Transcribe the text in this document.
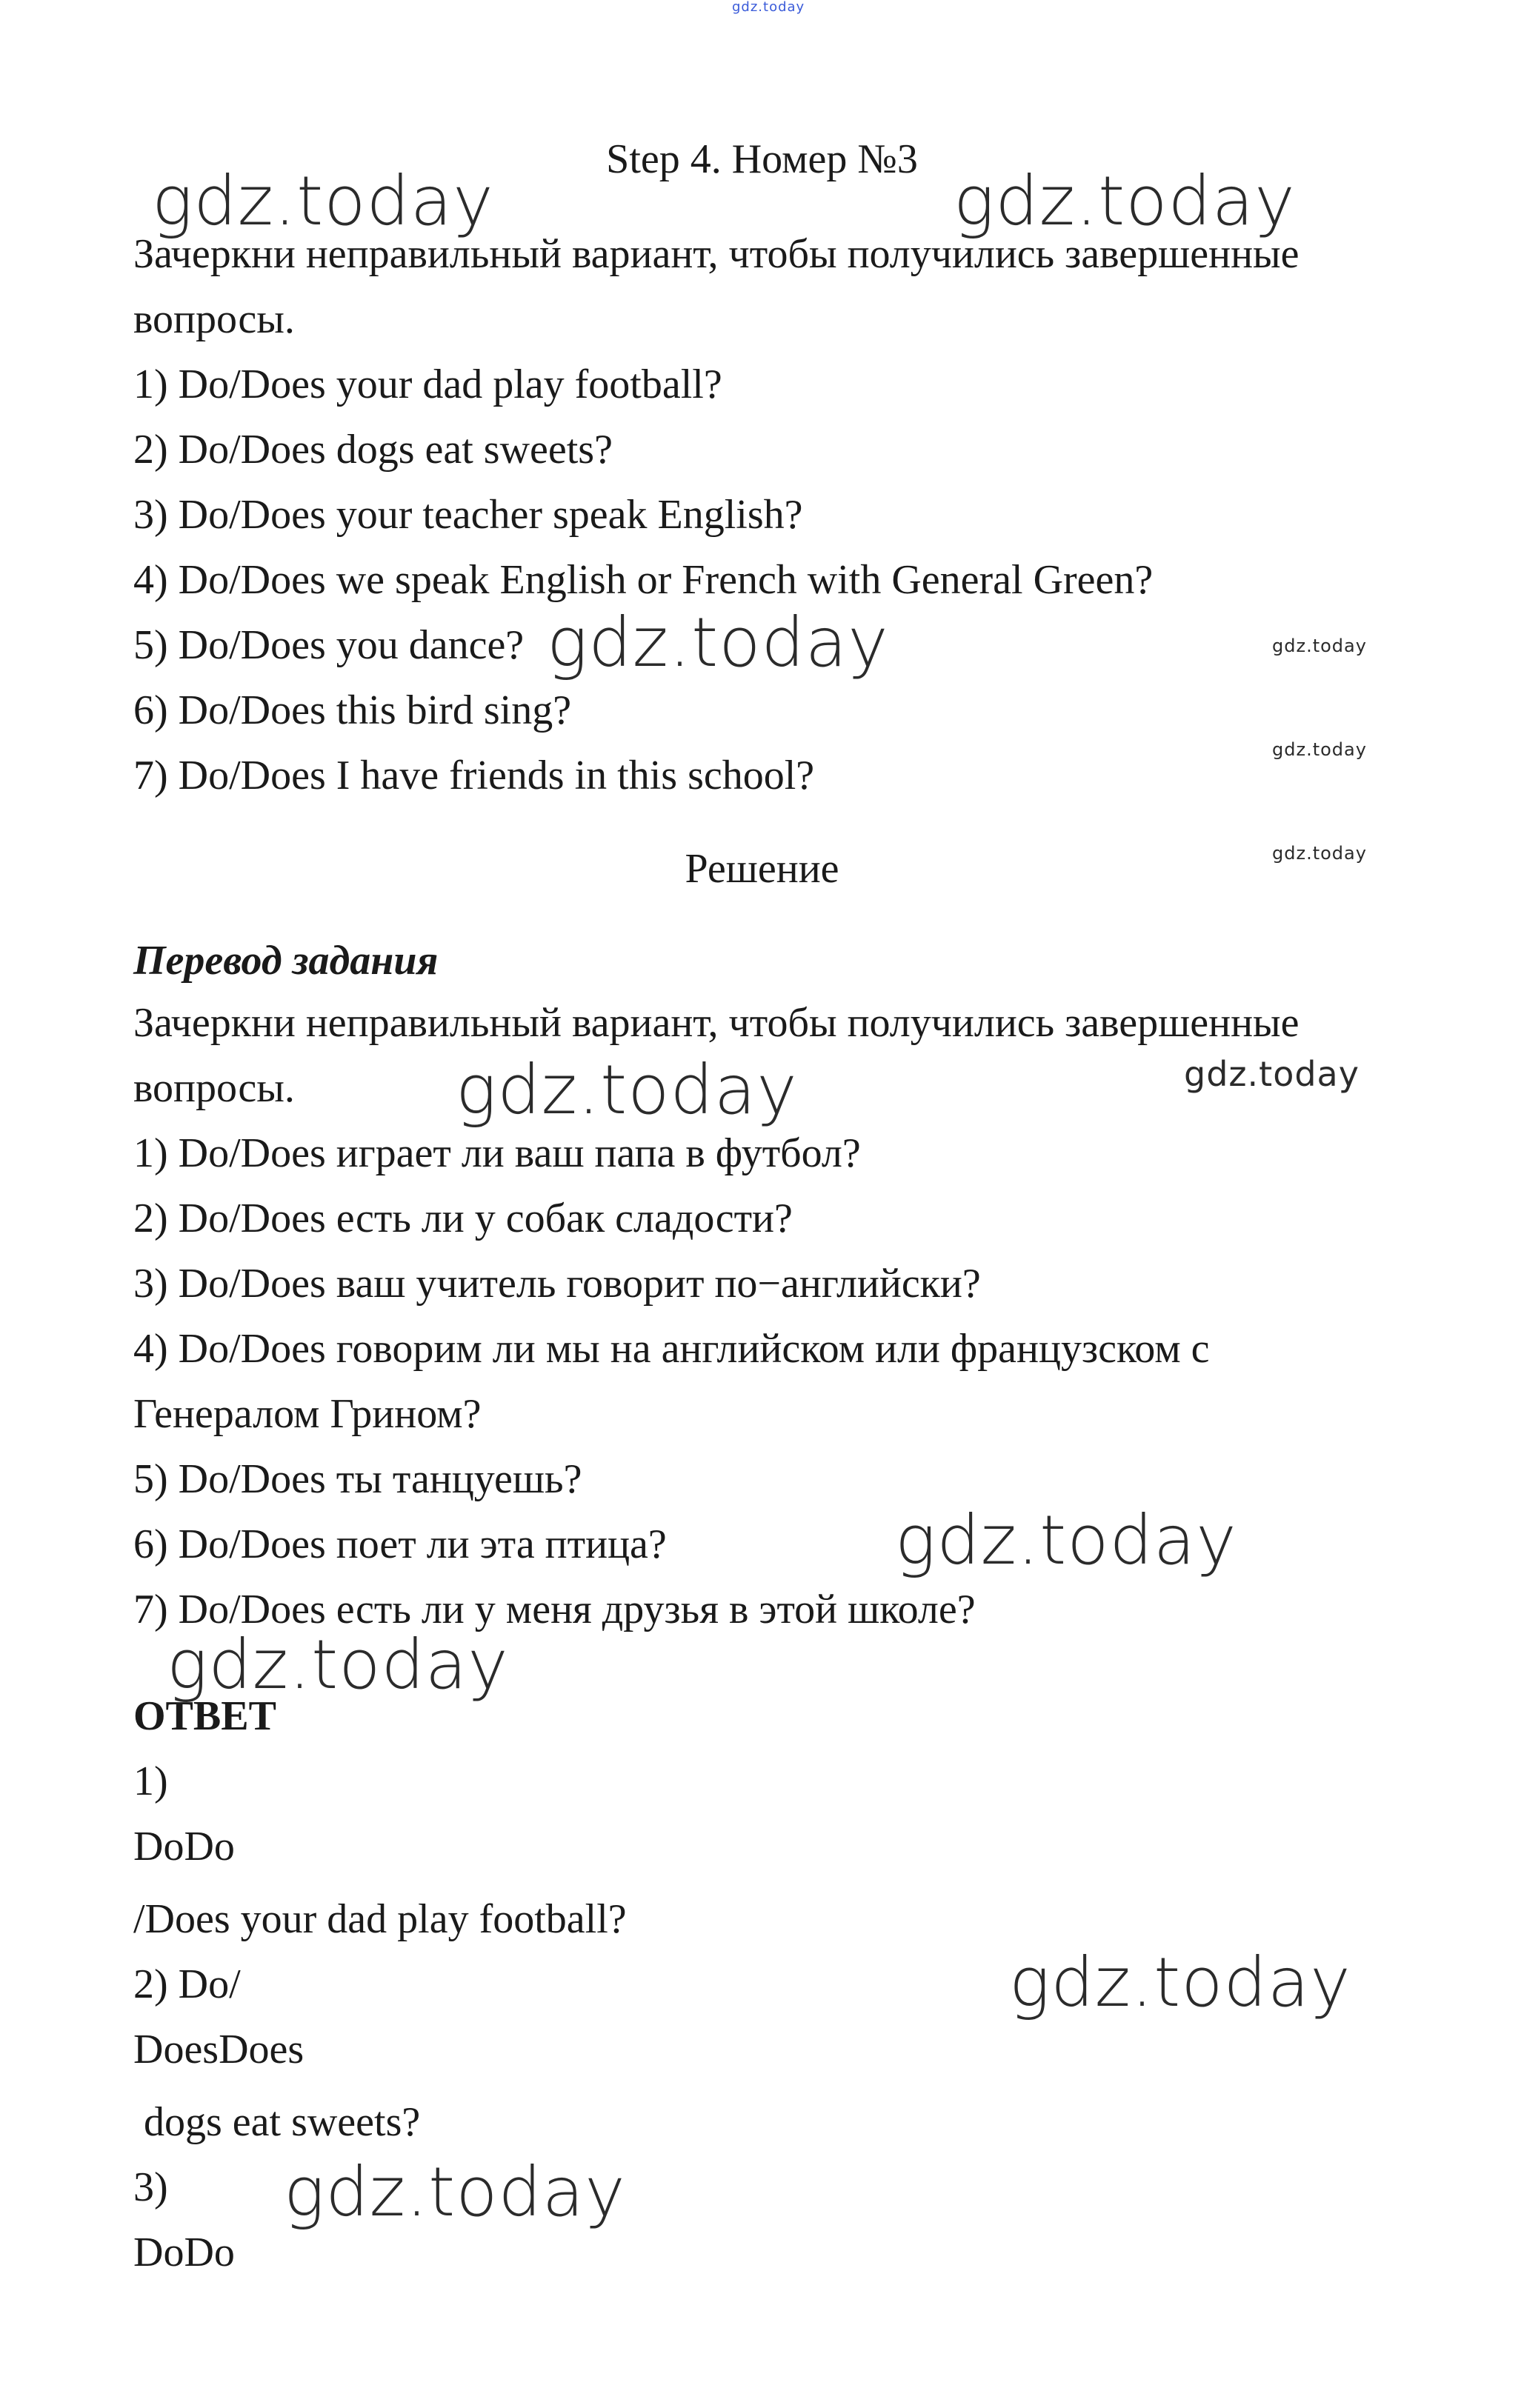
gdz.today
Step 4. Номер №3
Зачеркни неправильный вариант, чтобы получились завершенные
вопросы.
1) Do/Does your dad play football?
2) Do/Does dogs eat sweets?
3) Do/Does your teacher speak English?
4) Do/Does we speak English or French with General Green?
5) Do/Does you dance?
6) Do/Does this bird sing?
7) Do/Does I have friends in this school?
Решение
Перевод задания
Зачеркни неправильный вариант, чтобы получились завершенные
вопросы.
1) Do/Does играет ли ваш папа в футбол?
2) Do/Does есть ли у собак сладости?
3) Do/Does ваш учитель говорит по−английски?
4) Do/Does говорим ли мы на английском или французском с
Генералом Грином?
5) Do/Does ты танцуешь?
6) Do/Does поет ли эта птица?
7) Do/Does есть ли у меня друзья в этой школе?
ОТВЕТ
1)
DoDo
/Does your dad play football?
2) Do/
DoesDoes
dogs eat sweets?
3)
DoDo
gdz.today	gdz.today
gdz.today	gdz.today
gdz.today
gdz.today
gdz.today	gdz.today
gdz.today
gdz.today
gdz.today
gdz.today
